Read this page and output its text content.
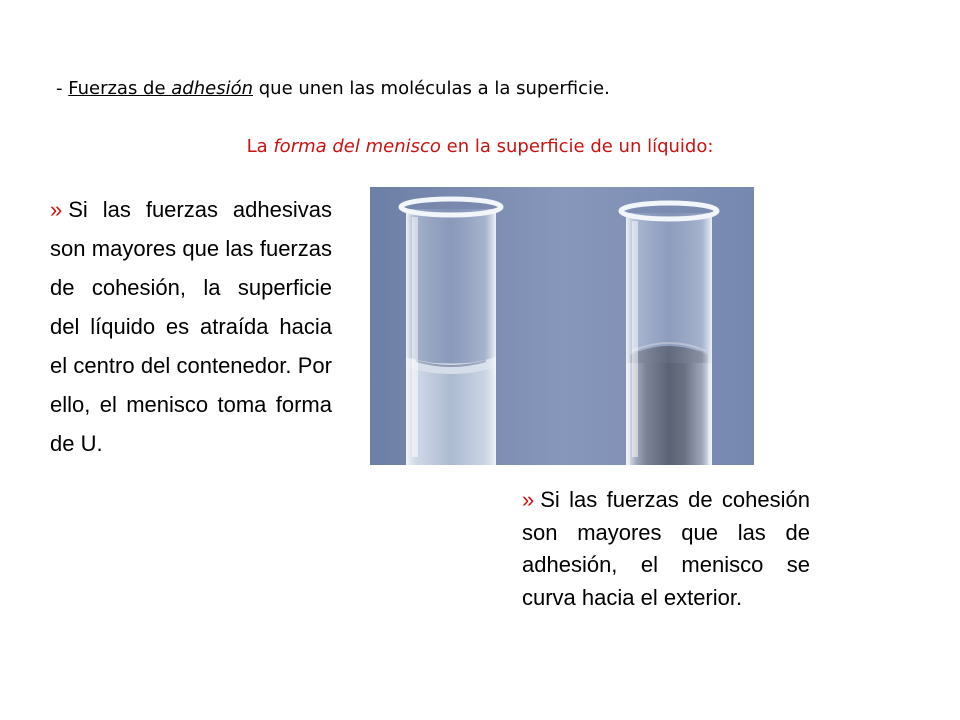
- Fuerzas de adhesión que unen las moléculas a la superficie.
La forma del menisco en la superficie de un líquido:
» Si las fuerzas adhesivas son mayores que las fuerzas de cohesión, la superficie del líquido es atraída hacia el centro del contenedor. Por ello, el menisco toma forma de U.
» Si las fuerzas de cohesión son mayores que las de adhesión, el menisco se curva hacia el exterior.
